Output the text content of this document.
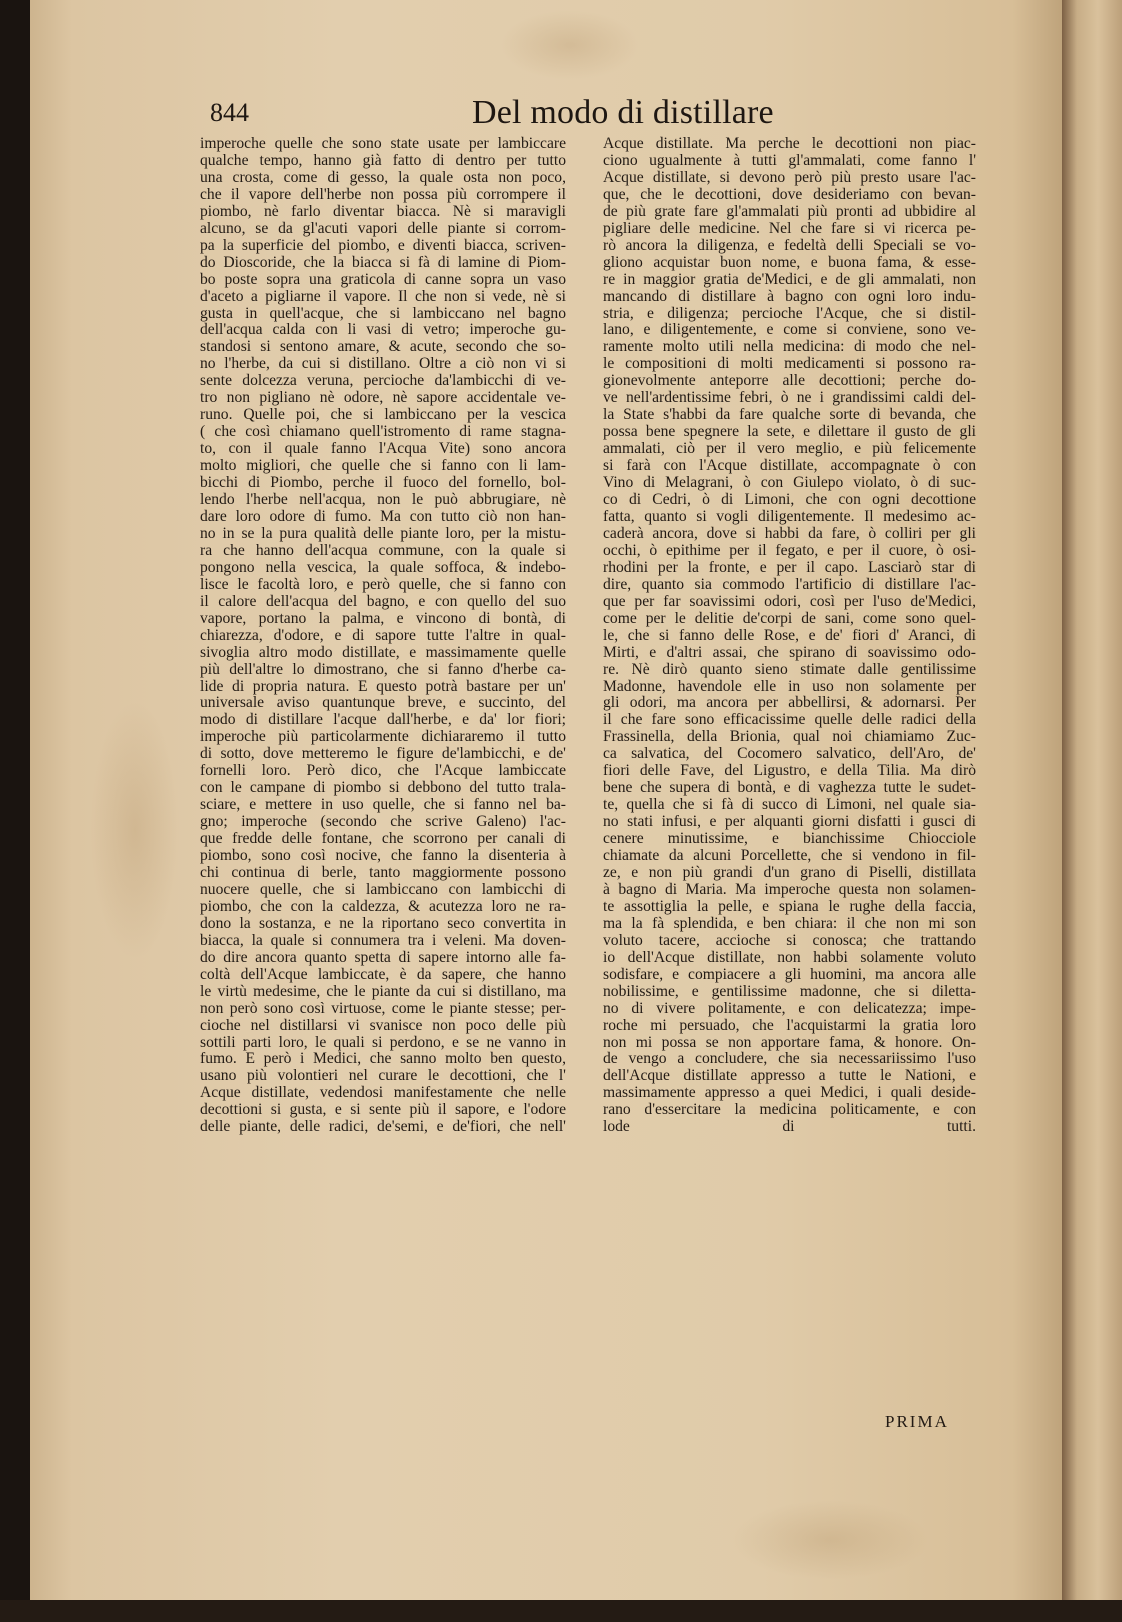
844	Del modo di distillare
imperoche quelle che sono state usate per lambiccare
qualche tempo, hanno già fatto di dentro per tutto
una crosta, come di gesso, la quale osta non poco,
che il vapore dell'herbe non possa più corrompere il
piombo, nè farlo diventar biacca. Nè si maravigli
alcuno, se da gl'acuti vapori delle piante si corrom-
pa la superficie del piombo, e diventi biacca, scriven-
do Dioscoride, che la biacca si fà di lamine di Piom-
bo poste sopra una graticola di canne sopra un vaso
d'aceto a pigliarne il vapore. Il che non si vede, nè si
gusta in quell'acque, che si lambiccano nel bagno
dell'acqua calda con li vasi di vetro; imperoche gu-
standosi si sentono amare, & acute, secondo che so-
no l'herbe, da cui si distillano. Oltre a ciò non vi si
sente dolcezza veruna, percioche da'lambicchi di ve-
tro non pigliano nè odore, nè sapore accidentale ve-
runo. Quelle poi, che si lambiccano per la vescica
( che così chiamano quell'istromento di rame stagna-
to, con il quale fanno l'Acqua Vite) sono ancora
molto migliori, che quelle che si fanno con li lam-
bicchi di Piombo, perche il fuoco del fornello, bol-
lendo l'herbe nell'acqua, non le può abbrugiare, nè
dare loro odore di fumo. Ma con tutto ciò non han-
no in se la pura qualità delle piante loro, per la mistu-
ra che hanno dell'acqua commune, con la quale si
pongono nella vescica, la quale soffoca, & indebo-
lisce le facoltà loro, e però quelle, che si fanno con
il calore dell'acqua del bagno, e con quello del suo
vapore, portano la palma, e vincono di bontà, di
chiarezza, d'odore, e di sapore tutte l'altre in qual-
sivoglia altro modo distillate, e massimamente quelle
più dell'altre lo dimostrano, che si fanno d'herbe ca-
lide di propria natura. E questo potrà bastare per un'
universale aviso quantunque breve, e succinto, del
modo di distillare l'acque dall'herbe, e da' lor fiori;
imperoche più particolarmente dichiararemo il tutto
di sotto, dove metteremo le figure de'lambicchi, e de'
fornelli loro. Però dico, che l'Acque lambiccate
con le campane di piombo si debbono del tutto trala-
sciare, e mettere in uso quelle, che si fanno nel ba-
gno; imperoche (secondo che scrive Galeno) l'ac-
que fredde delle fontane, che scorrono per canali di
piombo, sono così nocive, che fanno la disenteria à
chi continua di berle, tanto maggiormente possono
nuocere quelle, che si lambiccano con lambicchi di
piombo, che con la caldezza, & acutezza loro ne ra-
dono la sostanza, e ne la riportano seco convertita in
biacca, la quale si connumera tra i veleni. Ma doven-
do dire ancora quanto spetta di sapere intorno alle fa-
coltà dell'Acque lambiccate, è da sapere, che hanno
le virtù medesime, che le piante da cui si distillano, ma
non però sono così virtuose, come le piante stesse; per-
cioche nel distillarsi vi svanisce non poco delle più
sottili parti loro, le quali si perdono, e se ne vanno in
fumo. E però i Medici, che sanno molto ben questo,
usano più volontieri nel curare le decottioni, che l'
Acque distillate, vedendosi manifestamente che nelle
decottioni si gusta, e si sente più il sapore, e l'odore
delle piante, delle radici, de'semi, e de'fiori, che nell'
Acque distillate. Ma perche le decottioni non piac-
ciono ugualmente à tutti gl'ammalati, come fanno l'
Acque distillate, si devono però più presto usare l'ac-
que, che le decottioni, dove desideriamo con bevan-
de più grate fare gl'ammalati più pronti ad ubbidire al
pigliare delle medicine. Nel che fare si vi ricerca pe-
rò ancora la diligenza, e fedeltà delli Speciali se vo-
gliono acquistar buon nome, e buona fama, & esse-
re in maggior gratia de'Medici, e de gli ammalati, non
mancando di distillare à bagno con ogni loro indu-
stria, e diligenza; percioche l'Acque, che si distil-
lano, e diligentemente, e come si conviene, sono ve-
ramente molto utili nella medicina: di modo che nel-
le compositioni di molti medicamenti si possono ra-
gionevolmente anteporre alle decottioni; perche do-
ve nell'ardentissime febri, ò ne i grandissimi caldi del-
la State s'habbi da fare qualche sorte di bevanda, che
possa bene spegnere la sete, e dilettare il gusto de gli
ammalati, ciò per il vero meglio, e più felicemente
si farà con l'Acque distillate, accompagnate ò con
Vino di Melagrani, ò con Giulepo violato, ò di suc-
co di Cedri, ò di Limoni, che con ogni decottione
fatta, quanto si vogli diligentemente. Il medesimo ac-
caderà ancora, dove si habbi da fare, ò colliri per gli
occhi, ò epithime per il fegato, e per il cuore, ò osi-
rhodini per la fronte, e per il capo. Lasciarò star di
dire, quanto sia commodo l'artificio di distillare l'ac-
que per far soavissimi odori, così per l'uso de'Medici,
come per le delitie de'corpi de sani, come sono quel-
le, che si fanno delle Rose, e de' fiori d' Aranci, di
Mirti, e d'altri assai, che spirano di soavissimo odo-
re. Nè dirò quanto sieno stimate dalle gentilissime
Madonne, havendole elle in uso non solamente per
gli odori, ma ancora per abbellirsi, & adornarsi. Per
il che fare sono efficacissime quelle delle radici della
Frassinella, della Brionia, qual noi chiamiamo Zuc-
ca salvatica, del Cocomero salvatico, dell'Aro, de'
fiori delle Fave, del Ligustro, e della Tilia. Ma dirò
bene che supera di bontà, e di vaghezza tutte le sudet-
te, quella che si fà di succo di Limoni, nel quale sia-
no stati infusi, e per alquanti giorni disfatti i gusci di
cenere minutissime, e bianchissime Chiocciole
chiamate da alcuni Porcellette, che si vendono in fil-
ze, e non più grandi d'un grano di Piselli, distillata
à bagno di Maria. Ma imperoche questa non solamen-
te assottiglia la pelle, e spiana le rughe della faccia,
ma la fà splendida, e ben chiara: il che non mi son
voluto tacere, accioche si conosca; che trattando
io dell'Acque distillate, non habbi solamente voluto
sodisfare, e compiacere a gli huomini, ma ancora alle
nobilissime, e gentilissime madonne, che si diletta-
no di vivere politamente, e con delicatezza; impe-
roche mi persuado, che l'acquistarmi la gratia loro
non mi possa se non apportare fama, & honore. On-
de vengo a concludere, che sia necessariissimo l'uso
dell'Acque distillate appresso a tutte le Nationi, e
massimamente appresso a quei Medici, i quali deside-
rano d'essercitare la medicina politicamente, e con
lode di tutti.
PRIMA
